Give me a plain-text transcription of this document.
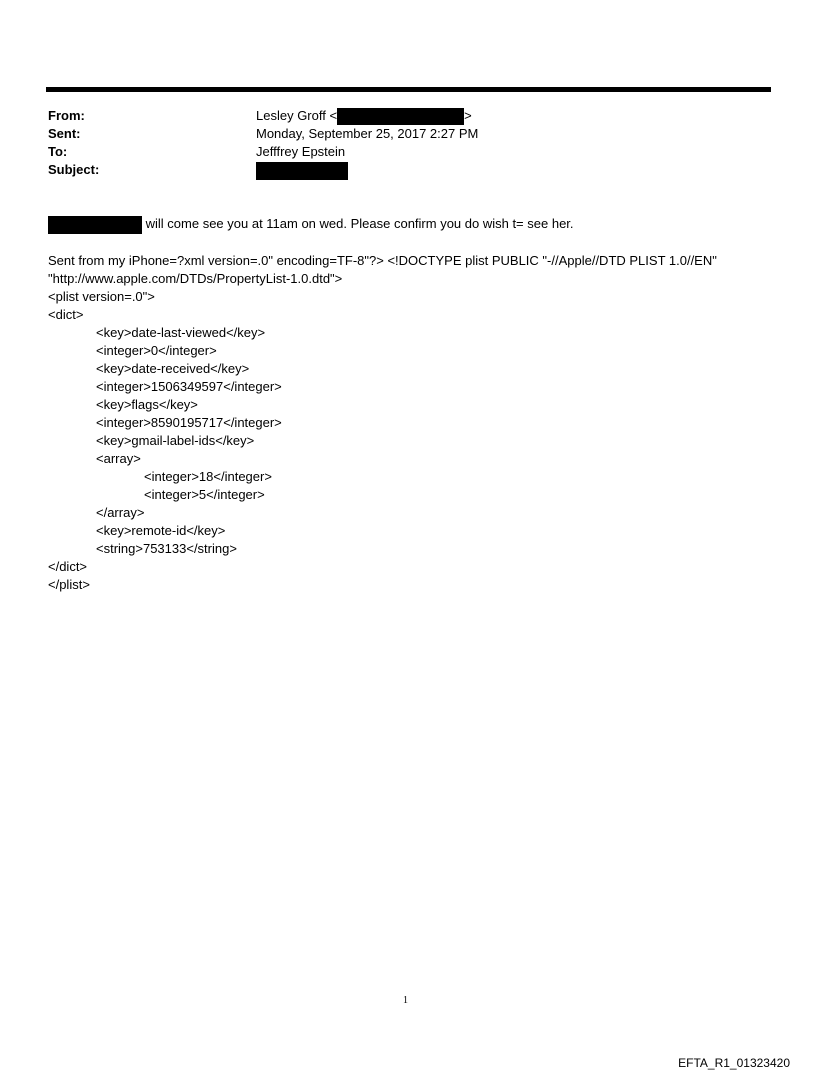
From:	Lesley Groff <	>
Sent:	Monday, September 25, 2017 2:27 PM
To:	Jefffrey Epstein
Subject:
will come see you at 11am on wed. Please confirm you do wish t= see her.
Sent from my iPhone=?xml version=.0" encoding=TF-8"?> <!DOCTYPE plist PUBLIC "-//Apple//DTD PLIST 1.0//EN"
"http://www.apple.com/DTDs/PropertyList-1.0.dtd">
<plist version=.0">
<dict>
<key>date-last-viewed</key>
<integer>0</integer>
<key>date-received</key>
<integer>1506349597</integer>
<key>flags</key>
<integer>8590195717</integer>
<key>gmail-label-ids</key>
<array>
<integer>18</integer>
<integer>5</integer>
</array>
<key>remote-id</key>
<string>753133</string>
</dict>
</plist>
1
EFTA_R1_01323420
